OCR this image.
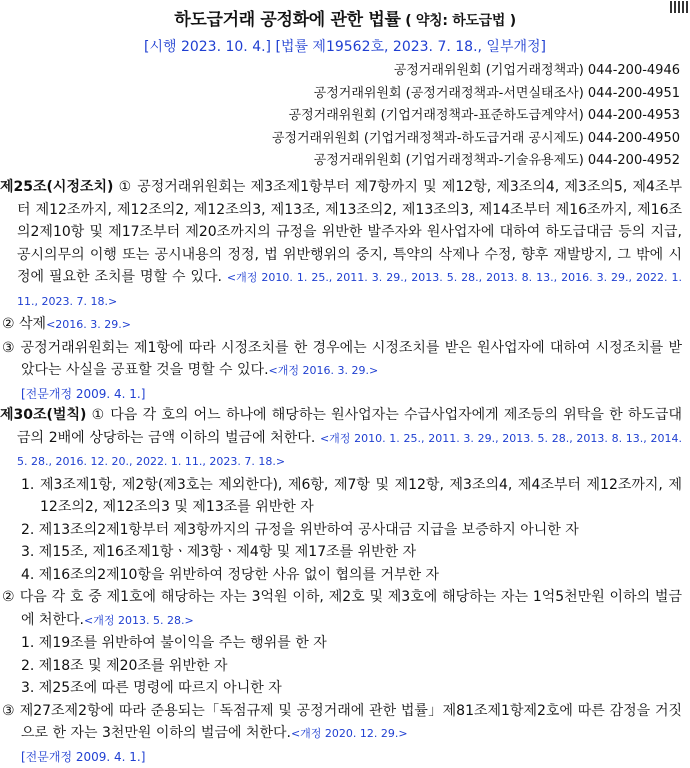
하도급거래 공정화에 관한 법률 ( 약칭: 하도급법 )
[시행 2023. 10. 4.] [법률 제19562호, 2023. 7. 18., 일부개정]
공정거래위원회 (기업거래정책과) 044-200-4946
공정거래위원회 (공정거래정책과-서면실태조사) 044-200-4951
공정거래위원회 (기업거래정책과-표준하도급계약서) 044-200-4953
공정거래위원회 (기업거래정책과-하도급거래 공시제도) 044-200-4950
공정거래위원회 (기업거래정책과-기술유용제도) 044-200-4952

제25조(시정조치) ① 공정거래위원회는 제3조제1항부터 제7항까지 및 제12항, 제3조의4, 제3조의5, 제4조부터 제12조까지, 제12조의2, 제12조의3, 제13조, 제13조의2, 제13조의3, 제14조부터 제16조까지, 제16조의2제10항 및 제17조부터 제20조까지의 규정을 위반한 발주자와 원사업자에 대하여 하도급대금 등의 지급, 공시의무의 이행 또는 공시내용의 정정, 법 위반행위의 중지, 특약의 삭제나 수정, 향후 재발방지, 그 밖에 시정에 필요한 조치를 명할 수 있다. <개정 2010. 1. 25., 2011. 3. 29., 2013. 5. 28., 2013. 8. 13., 2016. 3. 29., 2022. 1. 11., 2023. 7. 18.>

② 삭제<2016. 3. 29.>

③ 공정거래위원회는 제1항에 따라 시정조치를 한 경우에는 시정조치를 받은 원사업자에 대하여 시정조치를 받았다는 사실을 공표할 것을 명할 수 있다.<개정 2016. 3. 29.>

[전문개정 2009. 4. 1.]

제30조(벌칙) ① 다음 각 호의 어느 하나에 해당하는 원사업자는 수급사업자에게 제조등의 위탁을 한 하도급대금의 2배에 상당하는 금액 이하의 벌금에 처한다. <개정 2010. 1. 25., 2011. 3. 29., 2013. 5. 28., 2013. 8. 13., 2014. 5. 28., 2016. 12. 20., 2022. 1. 11., 2023. 7. 18.>

1. 제3조제1항, 제2항(제3호는 제외한다), 제6항, 제7항 및 제12항, 제3조의4, 제4조부터 제12조까지, 제12조의2, 제12조의3 및 제13조를 위반한 자

2. 제13조의2제1항부터 제3항까지의 규정을 위반하여 공사대금 지급을 보증하지 아니한 자

3. 제15조, 제16조제1항ㆍ제3항ㆍ제4항 및 제17조를 위반한 자

4. 제16조의2제10항을 위반하여 정당한 사유 없이 협의를 거부한 자

② 다음 각 호 중 제1호에 해당하는 자는 3억원 이하, 제2호 및 제3호에 해당하는 자는 1억5천만원 이하의 벌금에 처한다.<개정 2013. 5. 28.>

1. 제19조를 위반하여 불이익을 주는 행위를 한 자

2. 제18조 및 제20조를 위반한 자

3. 제25조에 따른 명령에 따르지 아니한 자

③ 제27조제2항에 따라 준용되는「독점규제 및 공정거래에 관한 법률」제81조제1항제2호에 따른 감정을 거짓으로 한 자는 3천만원 이하의 벌금에 처한다.<개정 2020. 12. 29.>

[전문개정 2009. 4. 1.]
